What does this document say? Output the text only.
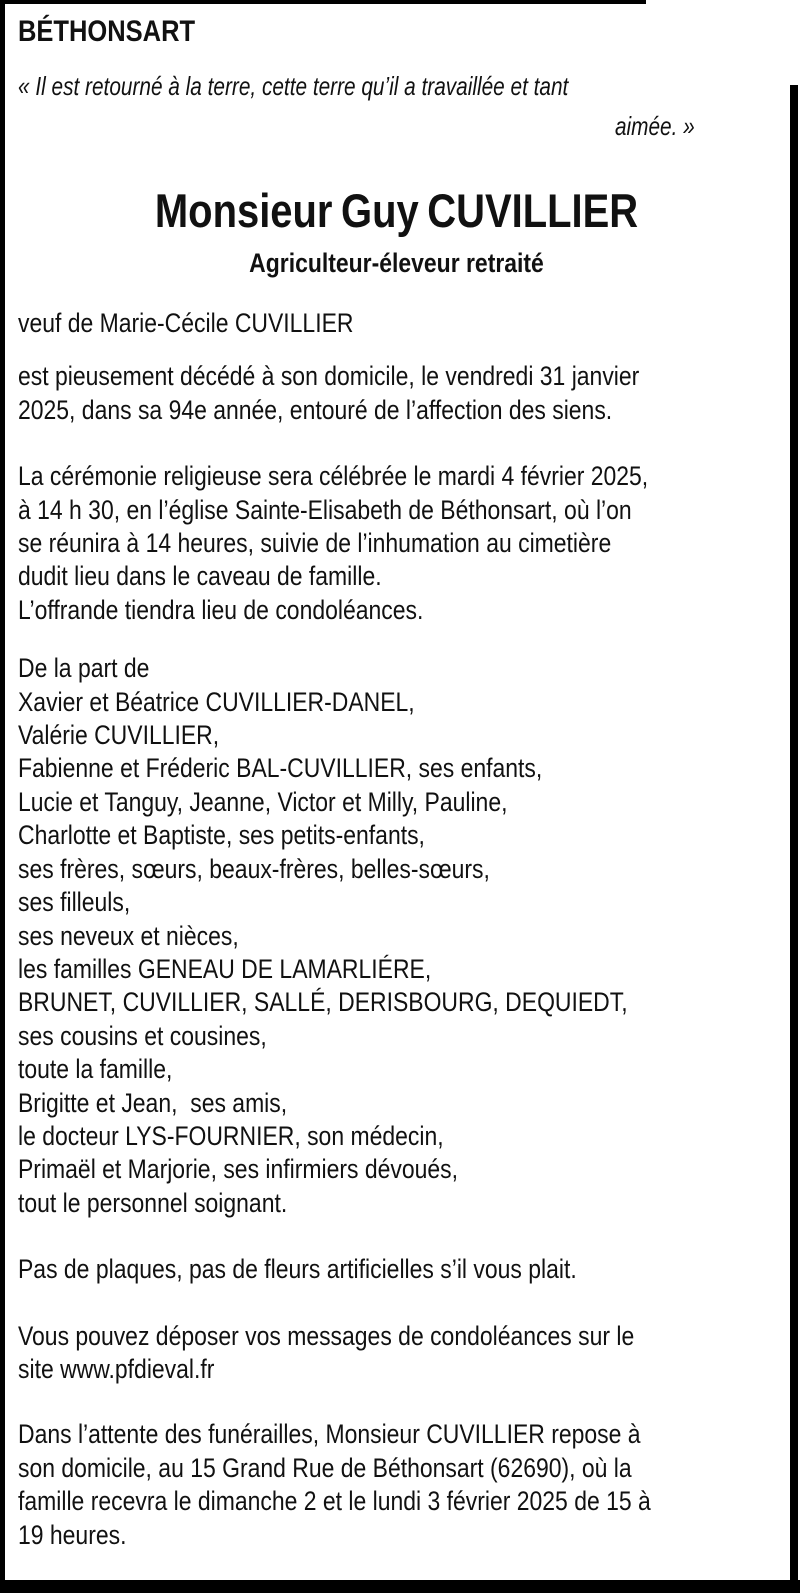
BÉTHONSART
« Il est retourné à la terre, cette terre qu’il a travaillée et tant
aimée. »
Monsieur Guy CUVILLIER
Agriculteur-éleveur retraité
veuf de Marie-Cécile CUVILLIER
est pieusement décédé à son domicile, le vendredi 31 janvier
2025, dans sa 94e année, entouré de l’affection des siens.
La cérémonie religieuse sera célébrée le mardi 4 février 2025,
à 14 h 30, en l’église Sainte-Elisabeth de Béthonsart, où l’on
se réunira à 14 heures, suivie de l’inhumation au cimetière
dudit lieu dans le caveau de famille.
L’offrande tiendra lieu de condoléances.
De la part de
Xavier et Béatrice CUVILLIER-DANEL,
Valérie CUVILLIER,
Fabienne et Fréderic BAL-CUVILLIER, ses enfants,
Lucie et Tanguy, Jeanne, Victor et Milly, Pauline,
Charlotte et Baptiste, ses petits-enfants,
ses frères, sœurs, beaux-frères, belles-sœurs,
ses filleuls,
ses neveux et nièces,
les familles GENEAU DE LAMARLIÉRE,
BRUNET, CUVILLIER, SALLÉ, DERISBOURG, DEQUIEDT,
ses cousins et cousines,
toute la famille,
Brigitte et Jean,  ses amis,
le docteur LYS-FOURNIER, son médecin,
Primaël et Marjorie, ses infirmiers dévoués,
tout le personnel soignant.
Pas de plaques, pas de fleurs artificielles s’il vous plait.
Vous pouvez déposer vos messages de condoléances sur le
site www.pfdieval.fr
Dans l’attente des funérailles, Monsieur CUVILLIER repose à
son domicile, au 15 Grand Rue de Béthonsart (62690), où la
famille recevra le dimanche 2 et le lundi 3 février 2025 de 15 à
19 heures.
